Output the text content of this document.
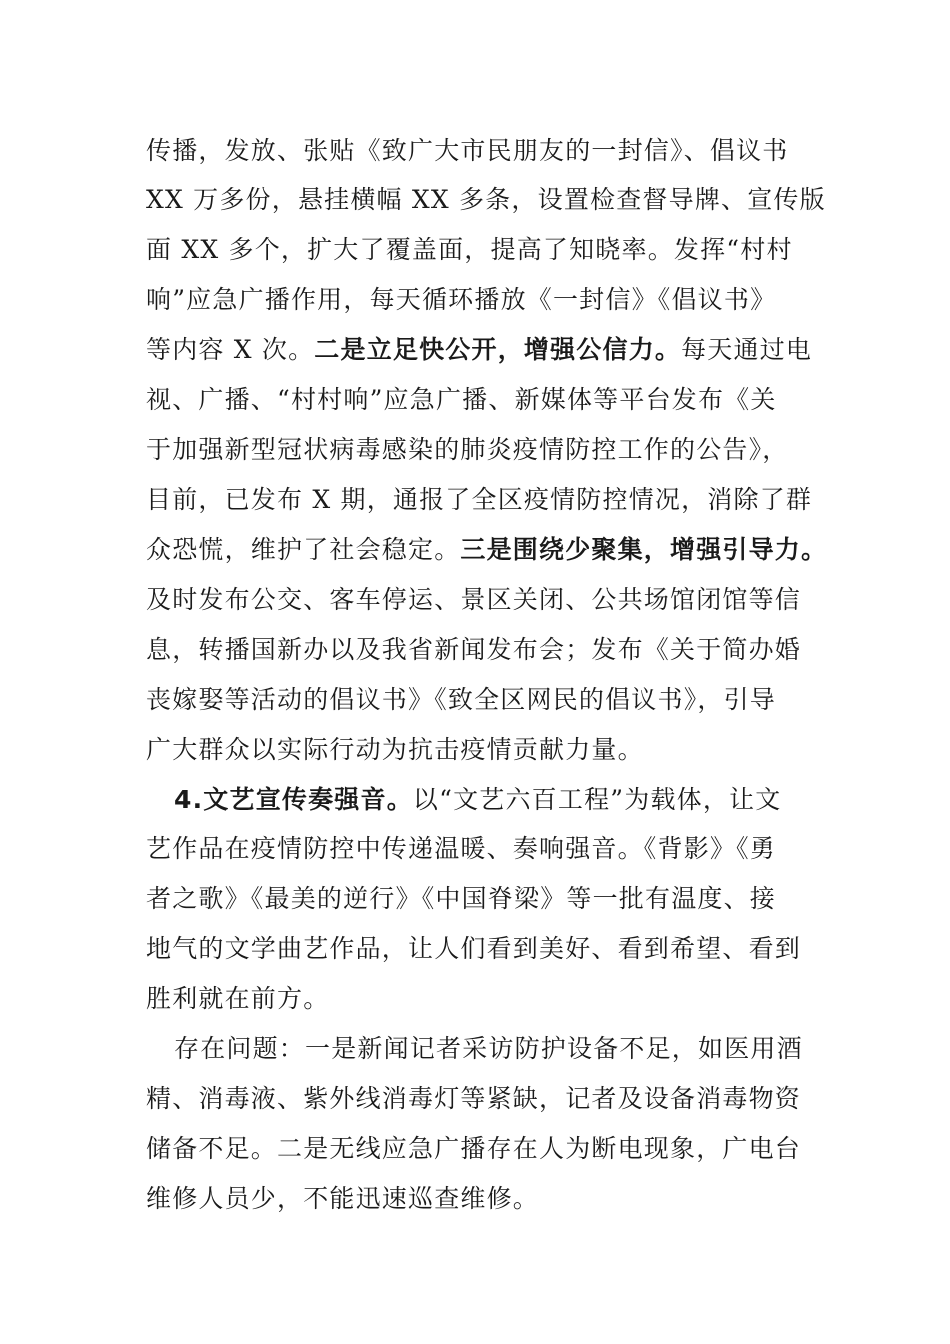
传播，发放、张贴《致广大市民朋友的一封信》、倡议书
XX 万多份，悬挂横幅 XX 多条，设置检查督导牌、宣传版
面 XX 多个，扩大了覆盖面，提高了知晓率。发挥“村村
响”应急广播作用，每天循环播放《一封信》《倡议书》
等内容 X 次。二是立足快公开，增强公信力。每天通过电
视、广播、“村村响”应急广播、新媒体等平台发布《关
于加强新型冠状病毒感染的肺炎疫情防控工作的公告》，
目前，已发布 X 期，通报了全区疫情防控情况，消除了群
众恐慌，维护了社会稳定。三是围绕少聚集，增强引导力。
及时发布公交、客车停运、景区关闭、公共场馆闭馆等信
息，转播国新办以及我省新闻发布会；发布《关于简办婚
丧嫁娶等活动的倡议书》《致全区网民的倡议书》，引导
广大群众以实际行动为抗击疫情贡献力量。
4.文艺宣传奏强音。以“文艺六百工程”为载体，让文
艺作品在疫情防控中传递温暖、奏响强音。《背影》《勇
者之歌》《最美的逆行》《中国脊梁》等一批有温度、接
地气的文学曲艺作品，让人们看到美好、看到希望、看到
胜利就在前方。
存在问题：一是新闻记者采访防护设备不足，如医用酒
精、消毒液、紫外线消毒灯等紧缺，记者及设备消毒物资
储备不足。二是无线应急广播存在人为断电现象，广电台
维修人员少，不能迅速巡查维修。
